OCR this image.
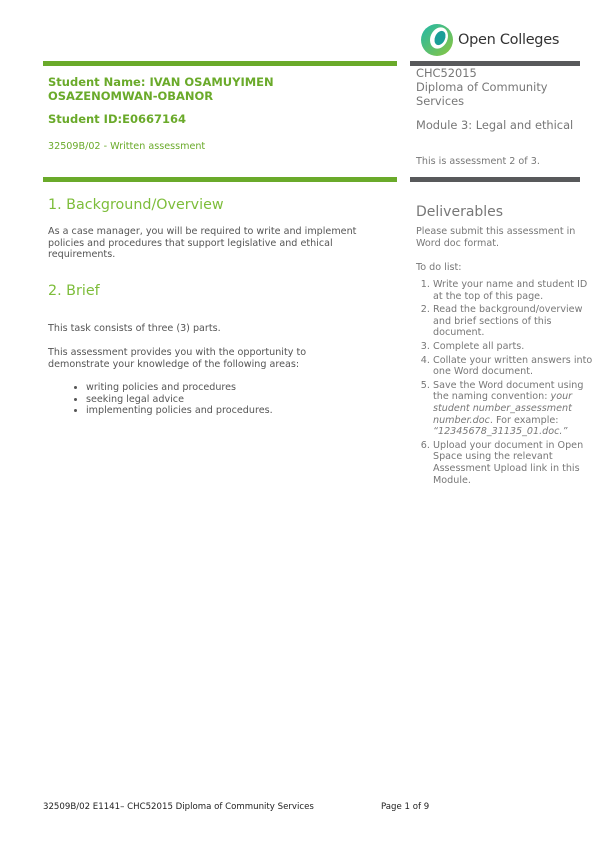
Open Colleges
Student Name: IVAN OSAMUYIMEN OSAZENOMWAN-OBANOR
Student ID:E0667164
32509B/02 - Written assessment
CHC52015
Diploma of Community Services
Module 3: Legal and ethical
This is assessment 2 of 3.
1. Background/Overview

As a case manager, you will be required to write and implement policies and procedures that support legislative and ethical requirements.

2. Brief

This task consists of three (3) parts.

This assessment provides you with the opportunity to demonstrate your knowledge of the following areas:

• writing policies and procedures
• seeking legal advice
• implementing policies and procedures.
Deliverables

Please submit this assessment in Word doc format.

To do list:

1. Write your name and student ID at the top of this page.
2. Read the background/overview and brief sections of this document.
3. Complete all parts.
4. Collate your written answers into one Word document.
5. Save the Word document using the naming convention: your student number_assessment number.doc. For example: “12345678_31135_01.doc.”
6. Upload your document in Open Space using the relevant Assessment Upload link in this Module.
32509B/02 E1141– CHC52015 Diploma of Community Services	Page 1 of 9
